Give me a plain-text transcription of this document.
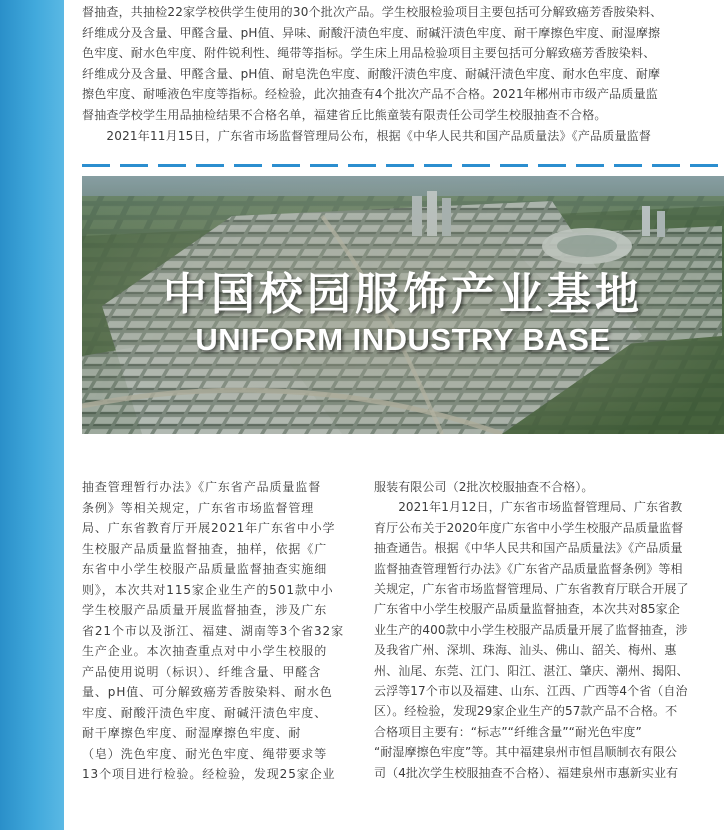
督抽查，共抽检22家学校供学生使用的30个批次产品。学生校服检验项目主要包括可分解致癌芳香胺染料、
纤维成分及含量、甲醛含量、pH值、异味、耐酸汗渍色牢度、耐碱汗渍色牢度、耐干摩擦色牢度、耐湿摩擦
色牢度、耐水色牢度、附件锐利性、绳带等指标。学生床上用品检验项目主要包括可分解致癌芳香胺染料、
纤维成分及含量、甲醛含量、pH值、耐皂洗色牢度、耐酸汗渍色牢度、耐碱汗渍色牢度、耐水色牢度、耐摩
擦色牢度、耐唾液色牢度等指标。经检验，此次抽查有4个批次产品不合格。2021年郴州市市级产品质量监
督抽查学校学生用品抽检结果不合格名单，福建省丘比熊童装有限责任公司学生校服抽查不合格。
　　2021年11月15日，广东省市场监督管理局公布，根据《中华人民共和国产品质量法》《产品质量监督

中国校园服饰产业基地
UNIFORM INDUSTRY BASE

抽查管理暂行办法》《广东省产品质量监督
条例》等相关规定，广东省市场监督管理
局、广东省教育厅开展2021年广东省中小学
生校服产品质量监督抽查，抽样，依据《广
东省中小学生校服产品质量监督抽查实施细
则》，本次共对115家企业生产的501款中小
学生校服产品质量开展监督抽查，涉及广东
省21个市以及浙江、福建、湖南等3个省32家
生产企业。本次抽查重点对中小学生校服的
产品使用说明（标识）、纤维含量、甲醛含
量、pH值、可分解致癌芳香胺染料、耐水色
牢度、耐酸汗渍色牢度、耐碱汗渍色牢度、
耐干摩擦色牢度、耐湿摩擦色牢度、耐
（皂）洗色牢度、耐光色牢度、绳带要求等
13个项目进行检验。经检验，发现25家企业

服装有限公司（2批次校服抽查不合格）。
　　2021年1月12日，广东省市场监督管理局、广东省教
育厅公布关于2020年度广东省中小学生校服产品质量监督
抽查通告。根据《中华人民共和国产品质量法》《产品质量
监督抽查管理暂行办法》《广东省产品质量监督条例》等相
关规定，广东省市场监督管理局、广东省教育厅联合开展了
广东省中小学生校服产品质量监督抽查，本次共对85家企
业生产的400款中小学生校服产品质量开展了监督抽查，涉
及我省广州、深圳、珠海、汕头、佛山、韶关、梅州、惠
州、汕尾、东莞、江门、阳江、湛江、肇庆、潮州、揭阳、
云浮等17个市以及福建、山东、江西、广西等4个省（自治
区）。经检验，发现29家企业生产的57款产品不合格。不
合格项目主要有：“标志”“纤维含量”“耐光色牢度”
“耐湿摩擦色牢度”等。其中福建泉州市恒昌顺制衣有限公
司（4批次学生校服抽查不合格）、福建泉州市惠新实业有
